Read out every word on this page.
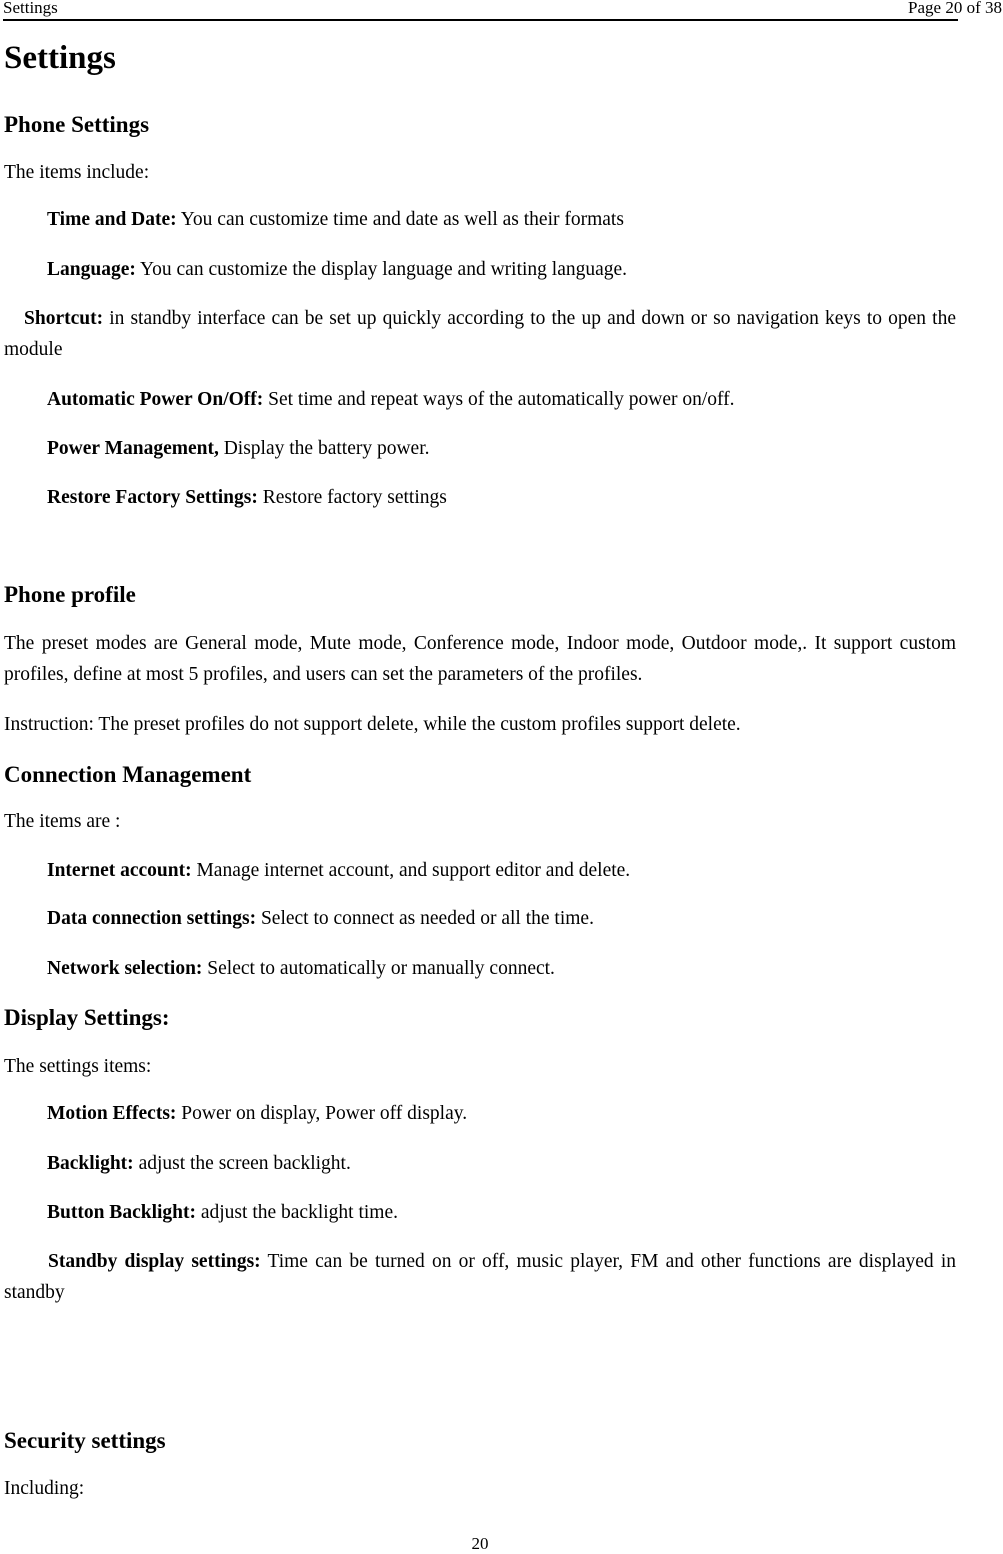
Settings	Page 20 of 38
Settings
Phone Settings

The items include:

Time and Date: You can customize time and date as well as their formats

Language: You can customize the display language and writing language.

Shortcut: in standby interface can be set up quickly according to the up and down or so navigation keys to open the module

Automatic Power On/Off: Set time and repeat ways of the automatically power on/off.

Power Management, Display the battery power.

Restore Factory Settings: Restore factory settings

Phone profile

The preset modes are General mode, Mute mode, Conference mode, Indoor mode, Outdoor mode,. It support custom profiles, define at most 5 profiles, and users can set the parameters of the profiles.

Instruction: The preset profiles do not support delete, while the custom profiles support delete.

Connection Management

The items are :

Internet account: Manage internet account, and support editor and delete.

Data connection settings: Select to connect as needed or all the time.

Network selection: Select to automatically or manually connect.

Display Settings:

The settings items:

Motion Effects: Power on display, Power off display.

Backlight: adjust the screen backlight.

Button Backlight: adjust the backlight time.

Standby display settings: Time can be turned on or off, music player, FM and other functions are displayed in standby

Security settings

Including:

20
